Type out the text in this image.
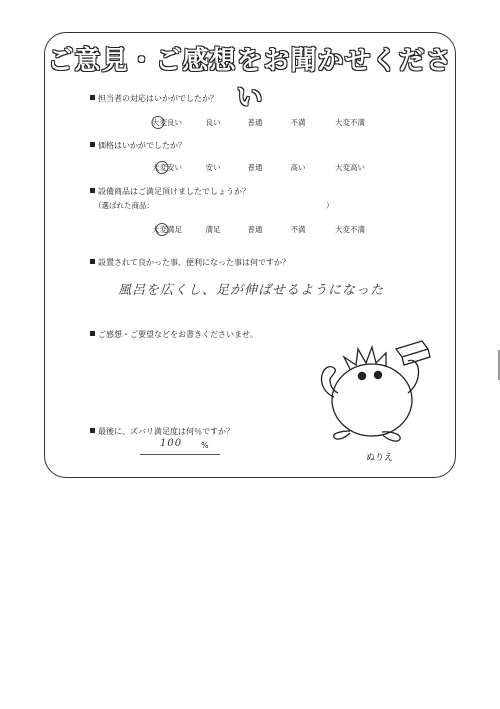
ご意見・ご感想をお聞かせください
担当者の対応はいかがでしたか？
大変良い	良い	普通	不満	大変不満
価格はいかがでしたか？
大変安い	安い	普通	高い	大変高い
設備商品はご満足頂けましたでしょうか？
（選ばれた商品：	）
大変満足	満足	普通	不満	大変不満
設置されて良かった事、便利になった事は何ですか？
風呂を広くし、足が伸ばせるようになった
ご感想・ご要望などをお書きくださいませ。
最後に、ズバリ満足度は何％ですか？
100 %
ぬりえ
